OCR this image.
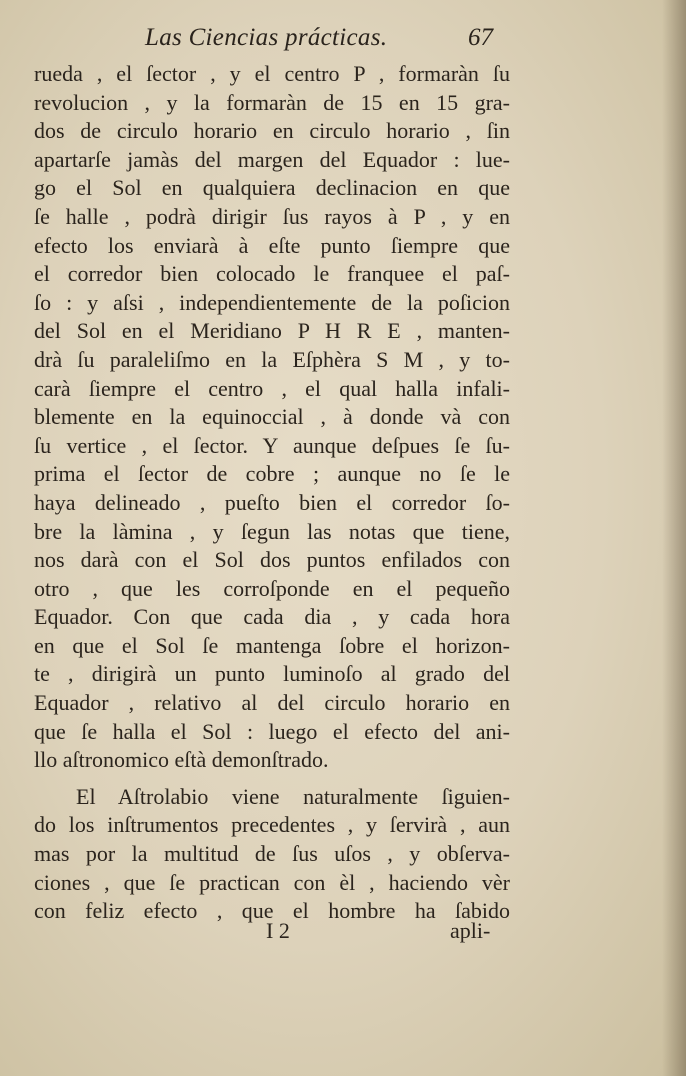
Las Ciencias prácticas.	67
rueda , el ſector , y el centro P , formaràn ſu
revolucion , y la formaràn de 15 en 15 gra-
dos de circulo horario en circulo horario , ſin
apartarſe jamàs del margen del Equador : lue-
go el Sol en qualquiera declinacion en que
ſe halle , podrà dirigir ſus rayos à P , y en
efecto los enviarà à eſte punto ſiempre que
el corredor bien colocado le franquee el paſ-
ſo : y aſsi , independientemente de la poſicion
del Sol en el Meridiano P H R E , manten-
drà ſu paraleliſmo en la Eſphèra S M , y to-
carà ſiempre el centro , el qual halla infali-
blemente en la equinoccial , à donde và con
ſu vertice , el ſector. Y aunque deſpues ſe ſu-
prima el ſector de cobre ; aunque no ſe le
haya delineado , pueſto bien el corredor ſo-
bre la làmina , y ſegun las notas que tiene,
nos darà con el Sol dos puntos enfilados con
otro , que les corroſponde en el pequeño
Equador. Con que cada dia , y cada hora
en que el Sol ſe mantenga ſobre el horizon-
te , dirigirà un punto luminoſo al grado del
Equador , relativo al del circulo horario en
que ſe halla el Sol : luego el efecto del ani-
llo aſtronomico eſtà demonſtrado.
El Aſtrolabio viene naturalmente ſiguien-
do los inſtrumentos precedentes , y ſervirà , aun
mas por la multitud de ſus uſos , y obſerva-
ciones , que ſe practican con èl , haciendo vèr
con feliz efecto , que el hombre ha ſabido
I 2	apli-
